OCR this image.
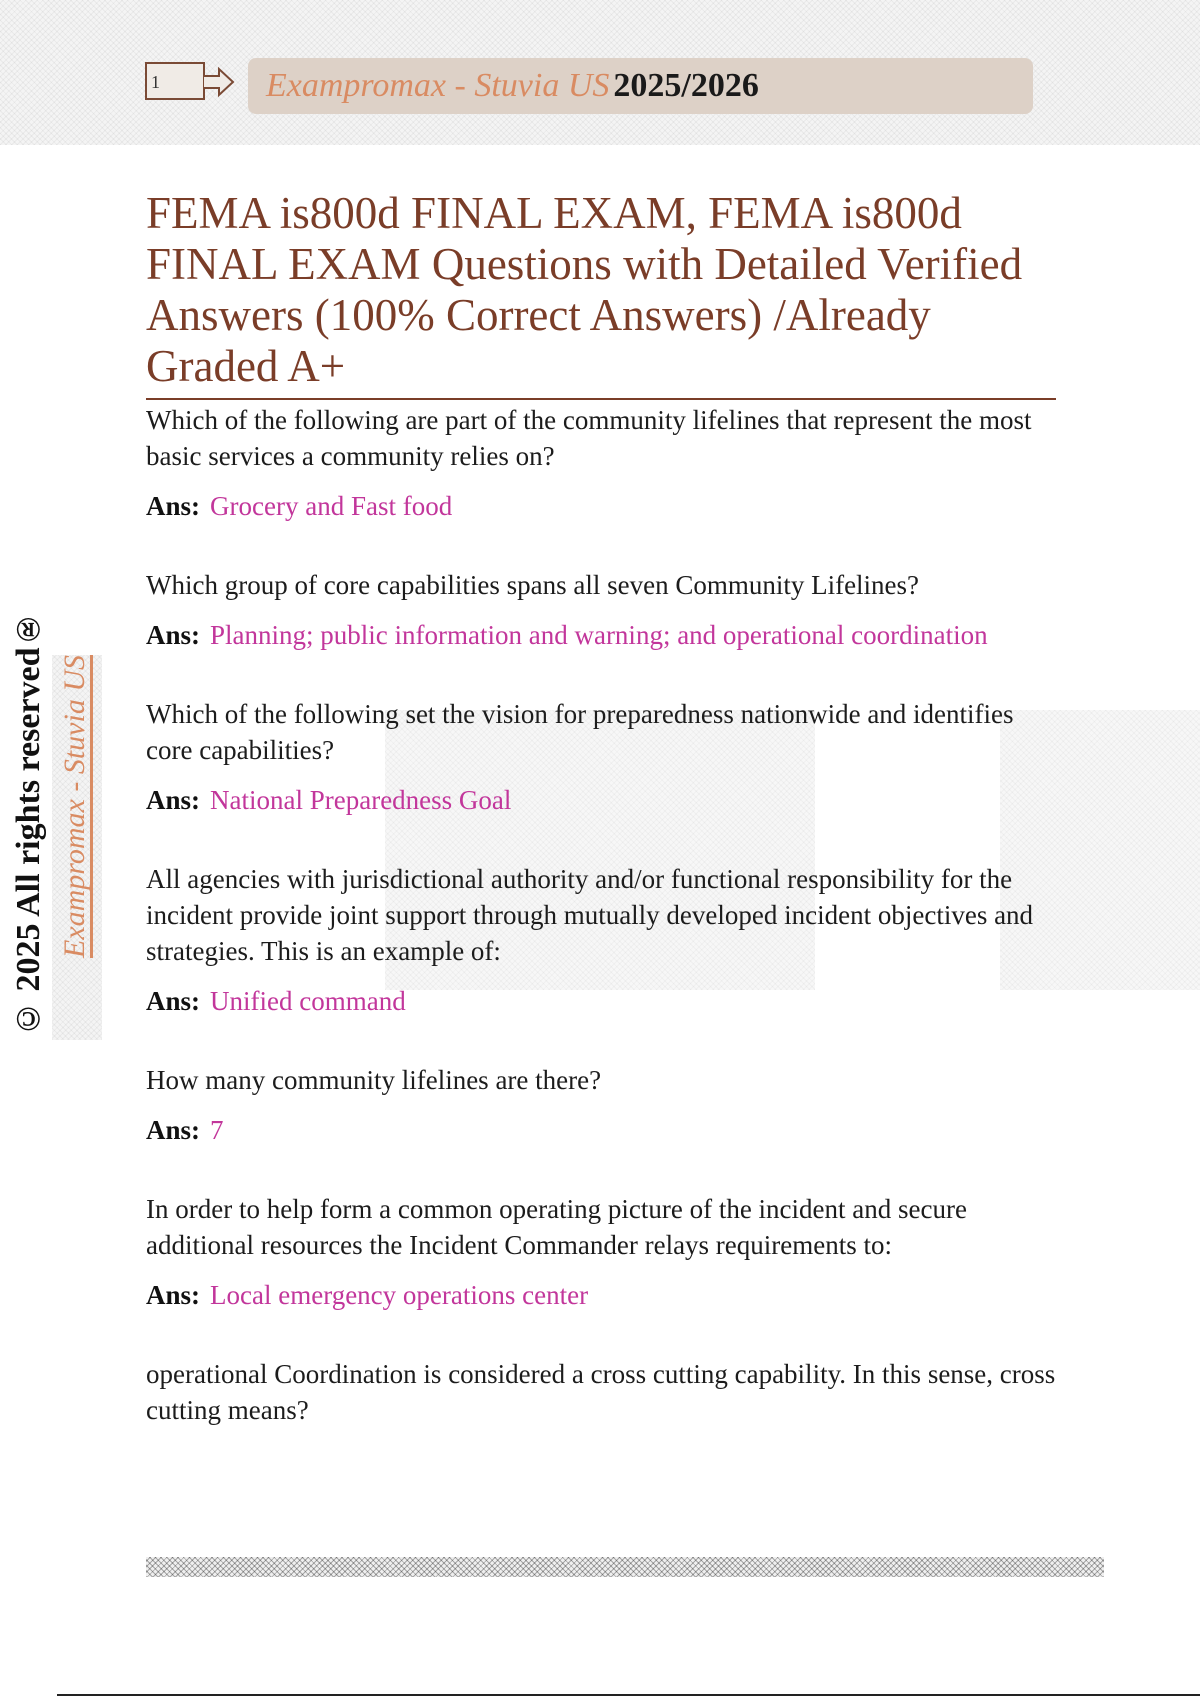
1	Exampromax - Stuvia US 2025/2026
© 2025 All rights reserved® Exampromax - Stuvia US
FEMA is800d FINAL EXAM, FEMA is800d FINAL EXAM Questions with Detailed Verified Answers (100% Correct Answers) /Already Graded A+

Which of the following are part of the community lifelines that represent the most basic services a community relies on?

Ans: Grocery and Fast food

Which group of core capabilities spans all seven Community Lifelines?

Ans: Planning; public information and warning; and operational coordination

Which of the following set the vision for preparedness nationwide and identifies core capabilities?

Ans: National Preparedness Goal

All agencies with jurisdictional authority and/or functional responsibility for the incident provide joint support through mutually developed incident objectives and strategies. This is an example of:

Ans: Unified command

How many community lifelines are there?

Ans: 7

In order to help form a common operating picture of the incident and secure additional resources the Incident Commander relays requirements to:

Ans: Local emergency operations center

operational Coordination is considered a cross cutting capability. In this sense, cross cutting means?
